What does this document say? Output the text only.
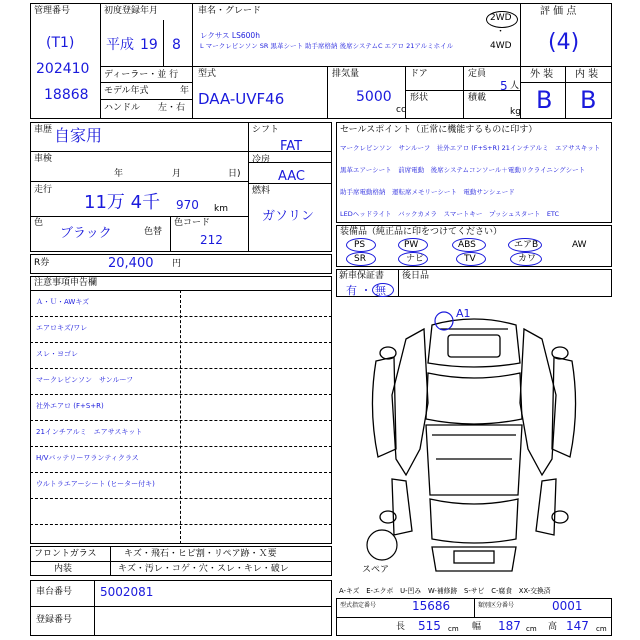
管理番号
(T1)
202410
18868
初度登録年月
平成 19 8
車名・グレード
レクサス LS600h
L マークレビンソン SR 黒革シート 助手席格納 後席システムC エアロ 21アルミホイル
2WD
・
4WD
評 価 点
(4)
外 装 内 装
B B
ディーラー・並 行
モデル年式	年
ハンドル 左・右
型式
DAA-UVF46
排気量
5000
cc
ドア
形状
定員
5 人
積載
kg
車歴 自家用
車検
年	月	日)
走行
11万 4千 970 km
色
ブラック	色替
色コード
212
シフト
FAT
冷房
AAC
燃料
ガソリン
R券	20,400 円
セールスポイント（正常に機能するものに印す）
マークレビンソン　サンルーフ　社外エアロ (F+S+R) 21インチアルミ　エアサスキット
黒革エアーシート　前席電動　後席システムコンソール＋電動リクライニングシート
助手席電動格納　運転席メモリーシート　電動サンシェード
LEDヘッドライト　バックカメラ　スマートキー　プッシュスタート　ETC
装備品（純正品に印をつけてください）
PS	PW	ABS	エアB	AW
SR	ナビ	TV	カワ
新車保証書
有 ・ 無
後日品
注意事項申告欄
Ａ・Ｕ・AWキズ
エアロキズ/ワレ
スレ・ヨゴレ
マークレビンソン　サンルーフ
社外エアロ (F+S+R)
21インチアルミ　エアサスキット
H/Vバッテリーワランティクラス
ウルトラエアーシート (ヒーター付キ)
A1
スペア
フロントガラス	キズ・飛石・ヒビ割・リペア跡・Ｘ要
内装	キズ・汚レ・コゲ・穴・スレ・キレ・破レ
車台番号 5002081
登録番号
A-キズ　E-エクボ　U-凹み　W-補修跡　S-サビ　C-腐食　XX-交換済
型式指定番号	15686	類別区分番号	0001
長 515 cm 幅 187 cm 高 147 cm
